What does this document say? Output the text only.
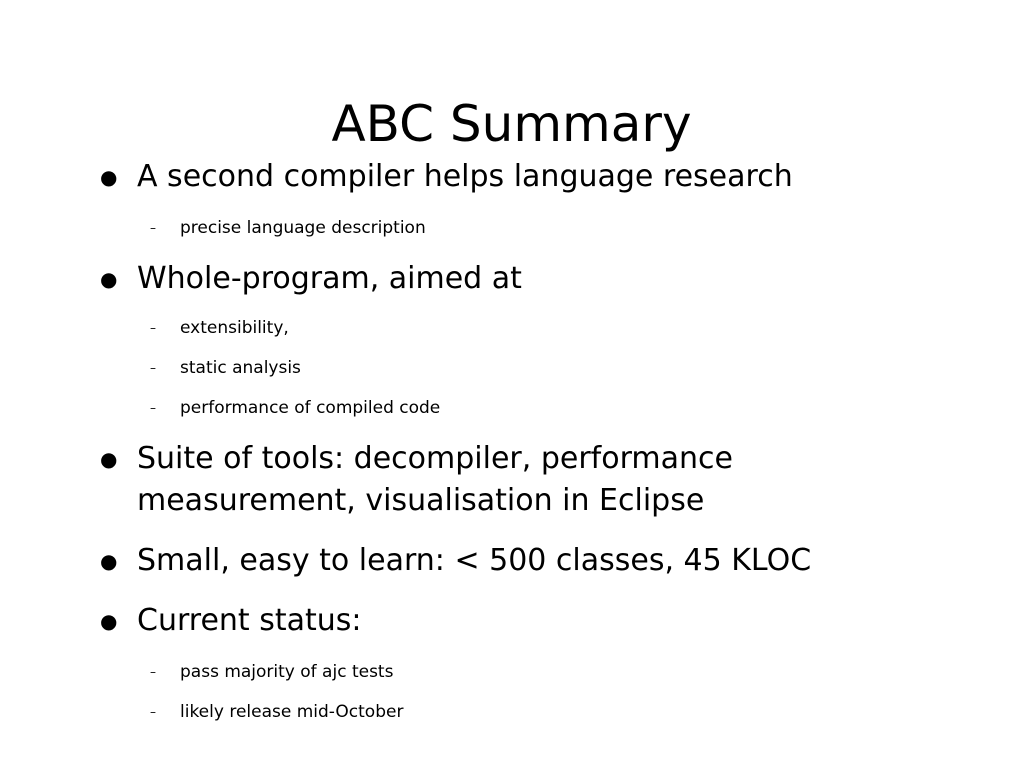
ABC Summary
● A second compiler helps language research
– precise language description
● Whole-program, aimed at
– extensibility,
– static analysis
– performance of compiled code
● Suite of tools: decompiler, performance
measurement, visualisation in Eclipse
● Small, easy to learn: < 500 classes, 45 KLOC
● Current status:
– pass majority of ajc tests
– likely release mid-October
